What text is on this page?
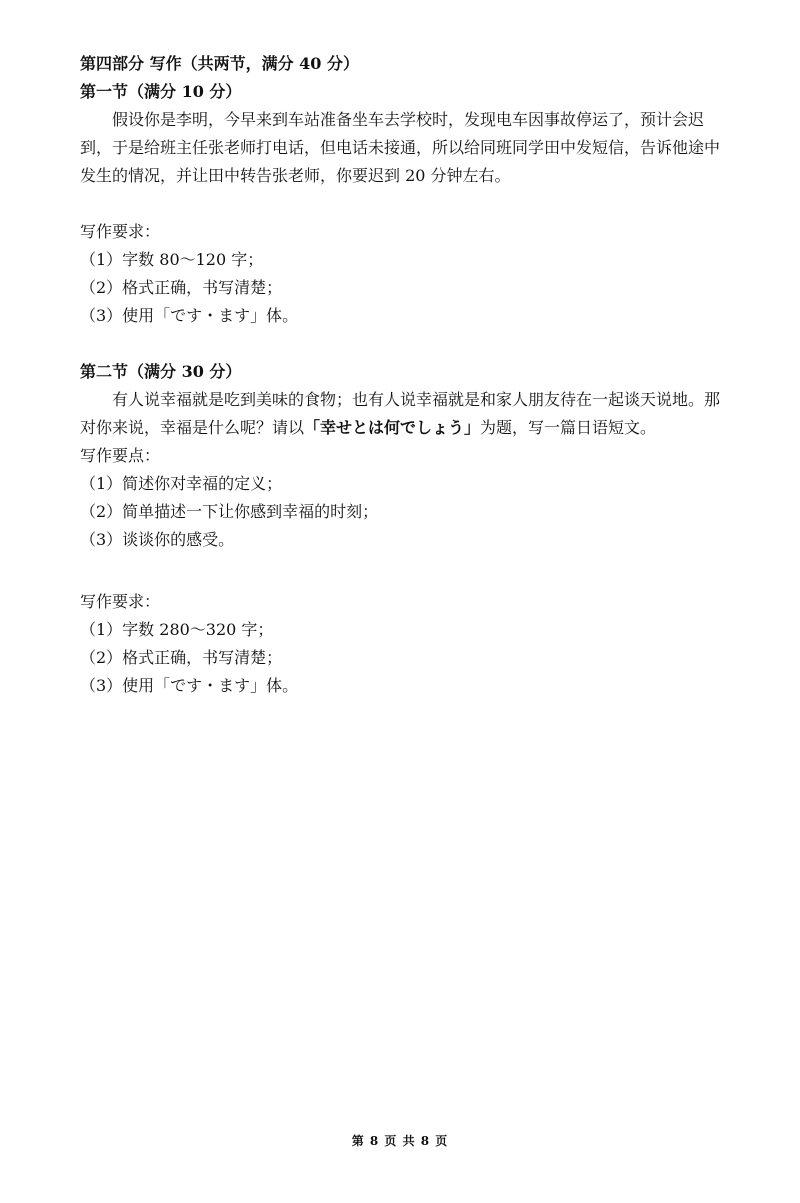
第四部分 写作（共两节，满分 40 分）
第一节（满分 10 分）
假设你是李明，今早来到车站准备坐车去学校时，发现电车因事故停运了，预计会迟到，于是给班主任张老师打电话，但电话未接通，所以给同班同学田中发短信，告诉他途中发生的情况，并让田中转告张老师，你要迟到 20 分钟左右。
写作要求：
（1）字数 80～120 字；
（2）格式正确，书写清楚；
（3）使用「です・ます」体。
第二节（满分 30 分）
有人说幸福就是吃到美味的食物；也有人说幸福就是和家人朋友待在一起谈天说地。那对你来说，幸福是什么呢？请以「幸せとは何でしょう」为题，写一篇日语短文。
写作要点：
（1）简述你对幸福的定义；
（2）简单描述一下让你感到幸福的时刻；
（3）谈谈你的感受。
写作要求：
（1）字数 280～320 字；
（2）格式正确，书写清楚；
（3）使用「です・ます」体。
第 8 页 共 8 页
